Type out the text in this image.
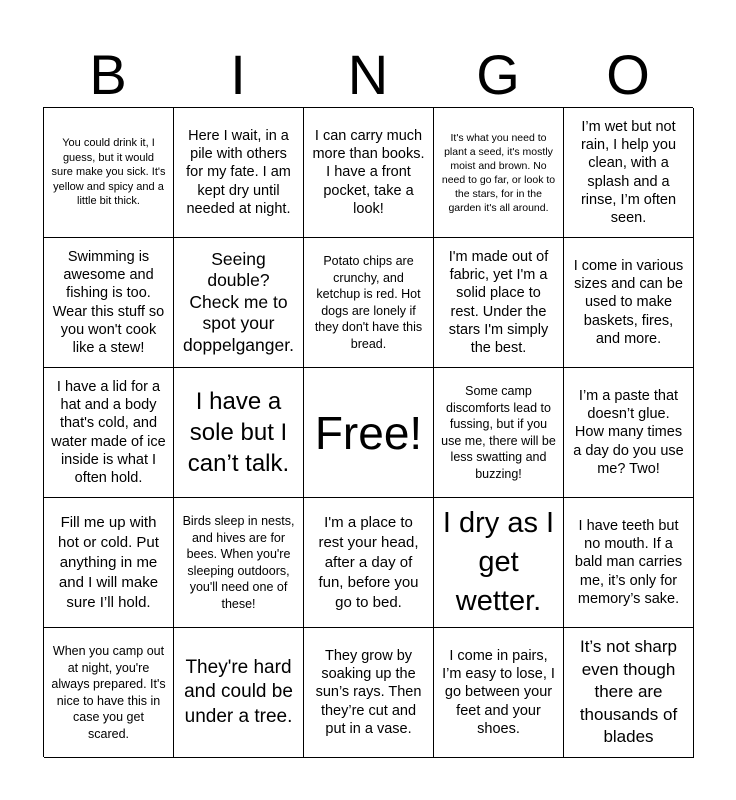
B	I	N	G	O
You could drink it, I guess, but it would sure make you sick. It's yellow and spicy and a little bit thick.
Here I wait, in a pile with others for my fate. I am kept dry until needed at night.
I can carry much more than books. I have a front pocket, take a look!
It's what you need to plant a seed, it's mostly moist and brown. No need to go far, or look to the stars, for in the garden it's all around.
I’m wet but not rain, I help you clean, with a splash and a rinse, I’m often seen.
Swimming is awesome and fishing is too. Wear this stuff so you won't cook like a stew!
Seeing double? Check me to spot your doppelganger.
Potato chips are crunchy, and ketchup is red. Hot dogs are lonely if they don't have this bread.
I'm made out of fabric, yet I'm a solid place to rest. Under the stars I'm simply the best.
I come in various sizes and can be used to make baskets, fires, and more.
I have a lid for a hat and a body that's cold, and water made of ice inside is what I often hold.
I have a sole but I can’t talk.
Free!
Some camp discomforts lead to fussing, but if you use me, there will be less swatting and buzzing!
I’m a paste that doesn’t glue. How many times a day do you use me? Two!
Fill me up with hot or cold. Put anything in me and I will make sure I’ll hold.
Birds sleep in nests, and hives are for bees. When you're sleeping outdoors, you'll need one of these!
I'm a place to rest your head, after a day of fun, before you go to bed.
I dry as I get wetter.
I have teeth but no mouth. If a bald man carries me, it’s only for memory’s sake.
When you camp out at night, you're always prepared. It's nice to have this in case you get scared.
They're hard and could be under a tree.
They grow by soaking up the sun’s rays. Then they’re cut and put in a vase.
I come in pairs, I’m easy to lose, I go between your feet and your shoes.
It’s not sharp even though there are thousands of blades
